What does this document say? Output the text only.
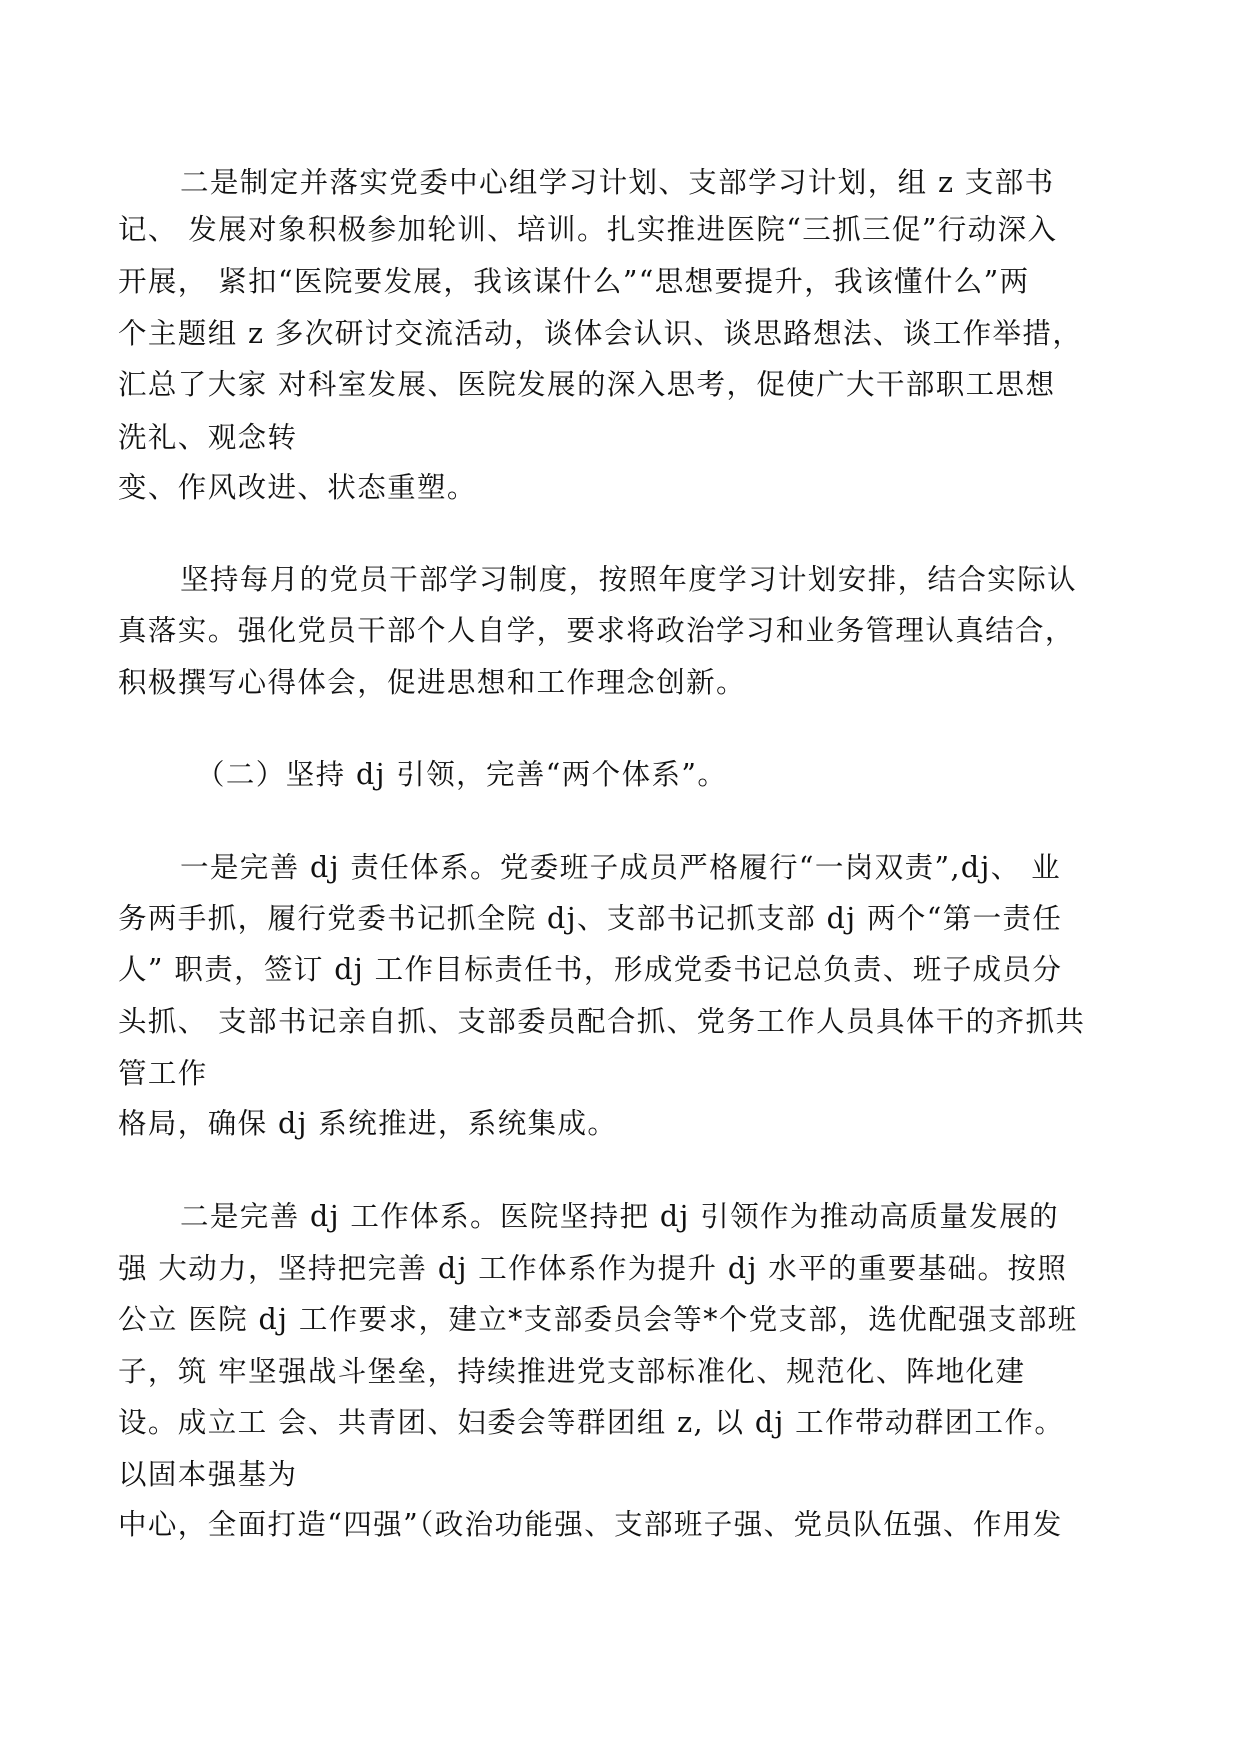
二是制定并落实党委中心组学习计划、支部学习计划，组 z 支部书

记、 发展对象积极参加轮训、培训。扎实推进医院“三抓三促”行动深入

开展， 紧扣“医院要发展，我该谋什么”“思想要提升，我该懂什么”两

个主题组 z 多次研讨交流活动，谈体会认识、谈思路想法、谈工作举措，

汇总了大家 对科室发展、医院发展的深入思考，促使广大干部职工思想

洗礼、观念转

变、作风改进、状态重塑。

坚持每月的党员干部学习制度，按照年度学习计划安排，结合实际认

真落实。强化党员干部个人自学，要求将政治学习和业务管理认真结合，

积极撰写心得体会，促进思想和工作理念创新。

（二）坚持 dj 引领，完善“两个体系”。

一是完善 dj 责任体系。党委班子成员严格履行“一岗双责”,dj、 业

务两手抓，履行党委书记抓全院 dj、支部书记抓支部 dj 两个“第一责任

人” 职责，签订 dj 工作目标责任书，形成党委书记总负责、班子成员分

头抓、 支部书记亲自抓、支部委员配合抓、党务工作人员具体干的齐抓共

管工作

格局，确保 dj 系统推进，系统集成。

二是完善 dj 工作体系。医院坚持把 dj 引领作为推动高质量发展的

强 大动力，坚持把完善 dj 工作体系作为提升 dj 水平的重要基础。按照

公立 医院 dj 工作要求，建立*支部委员会等*个党支部，选优配强支部班

子，筑 牢坚强战斗堡垒，持续推进党支部标准化、规范化、阵地化建

设。成立工 会、共青团、妇委会等群团组 z, 以 dj 工作带动群团工作。

以固本强基为

中心，全面打造“四强”（政治功能强、支部班子强、党员队伍强、作用发
